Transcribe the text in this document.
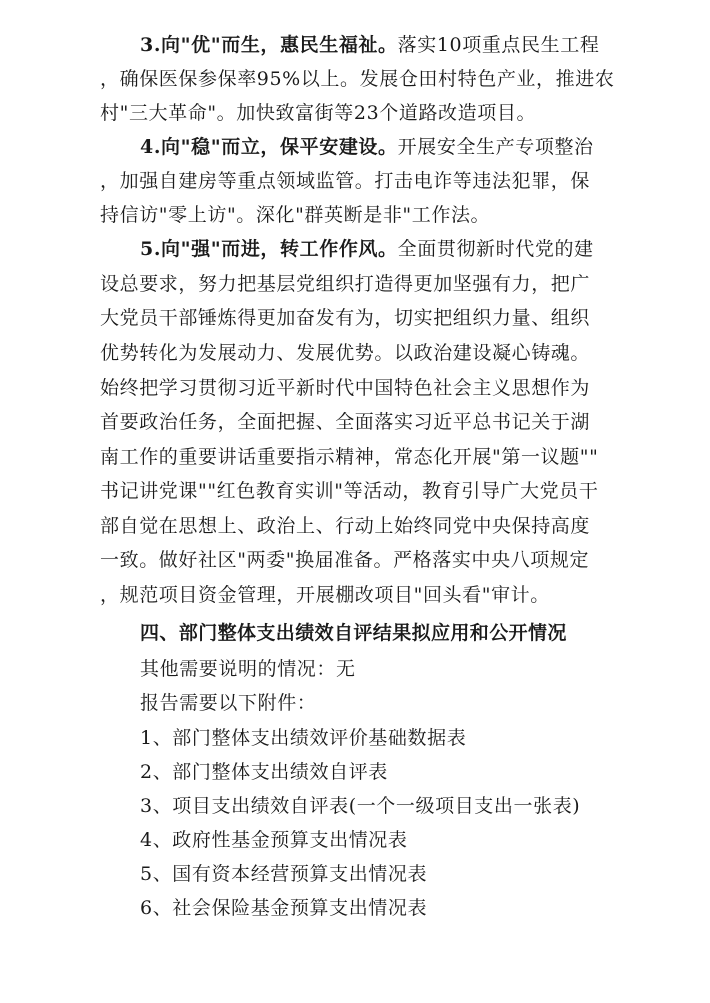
3.向"优"而生，惠民生福祉。落实10项重点民生工程
，确保医保参保率95%以上。发展仓田村特色产业，推进农
村"三大革命"。加快致富街等23个道路改造项目。
4.向"稳"而立，保平安建设。开展安全生产专项整治
，加强自建房等重点领域监管。打击电诈等违法犯罪，保
持信访"零上访"。深化"群英断是非"工作法。
5.向"强"而进，转工作作风。全面贯彻新时代党的建
设总要求，努力把基层党组织打造得更加坚强有力，把广
大党员干部锤炼得更加奋发有为，切实把组织力量、组织
优势转化为发展动力、发展优势。以政治建设凝心铸魂。
始终把学习贯彻习近平新时代中国特色社会主义思想作为
首要政治任务，全面把握、全面落实习近平总书记关于湖
南工作的重要讲话重要指示精神，常态化开展"第一议题""
书记讲党课""红色教育实训"等活动，教育引导广大党员干
部自觉在思想上、政治上、行动上始终同党中央保持高度
一致。做好社区"两委"换届准备。严格落实中央八项规定
，规范项目资金管理，开展棚改项目"回头看"审计。
四、部门整体支出绩效自评结果拟应用和公开情况
其他需要说明的情况：无
报告需要以下附件：
1、部门整体支出绩效评价基础数据表
2、部门整体支出绩效自评表
3、项目支出绩效自评表(一个一级项目支出一张表)
4、政府性基金预算支出情况表
5、国有资本经营预算支出情况表
6、社会保险基金预算支出情况表
